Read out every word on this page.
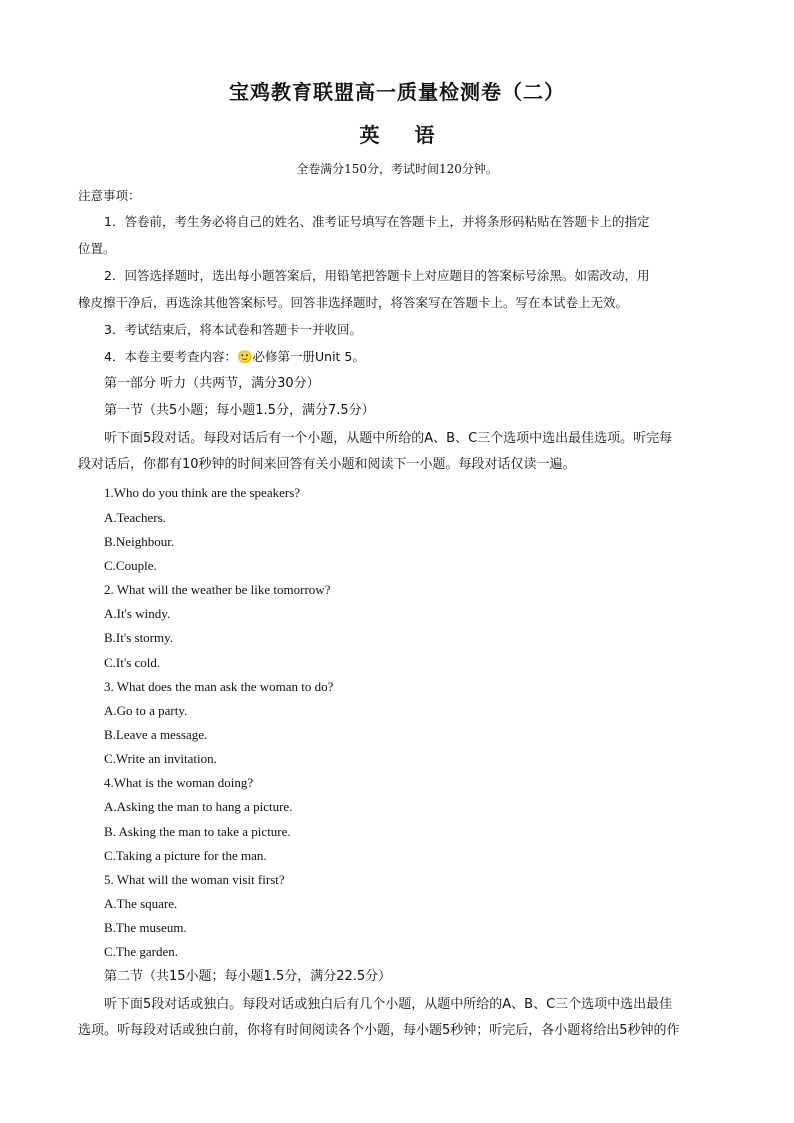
宝鸡教育联盟高一质量检测卷（二）
英 语
全卷满分150分，考试时间120分钟。
注意事项：
1．答卷前，考生务必将自己的姓名、准考证号填写在答题卡上，并将条形码粘贴在答题卡上的指定
位置。
2．回答选择题时，选出每小题答案后，用铅笔把答题卡上对应题目的答案标号涂黑。如需改动，用
橡皮擦干净后，再选涂其他答案标号。回答非选择题时，将答案写在答题卡上。写在本试卷上无效。
3．考试结束后，将本试卷和答题卡一并收回。
4．本卷主要考查内容：🙂必修第一册Unit 5。
第一部分 听力（共两节，满分30分）
第一节（共5小题；每小题1.5分，满分7.5分）
听下面5段对话。每段对话后有一个小题，从题中所给的A、B、C三个选项中选出最佳选项。听完每
段对话后，你都有10秒钟的时间来回答有关小题和阅读下一小题。每段对话仅读一遍。
1.Who do you think are the speakers?
A.Teachers.
B.Neighbour.
C.Couple.
2. What will the weather be like tomorrow?
A.It's windy.
B.It's stormy.
C.It's cold.
3. What does the man ask the woman to do?
A.Go to a party.
B.Leave a message.
C.Write an invitation.
4.What is the woman doing?
A.Asking the man to hang a picture.
B. Asking the man to take a picture.
C.Taking a picture for the man.
5. What will the woman visit first?
A.The square.
B.The museum.
C.The garden.
第二节（共15小题；每小题1.5分，满分22.5分）
听下面5段对话或独白。每段对话或独白后有几个小题，从题中所给的A、B、C三个选项中选出最佳
选项。听每段对话或独白前，你将有时间阅读各个小题，每小题5秒钟；听完后，各小题将给出5秒钟的作
